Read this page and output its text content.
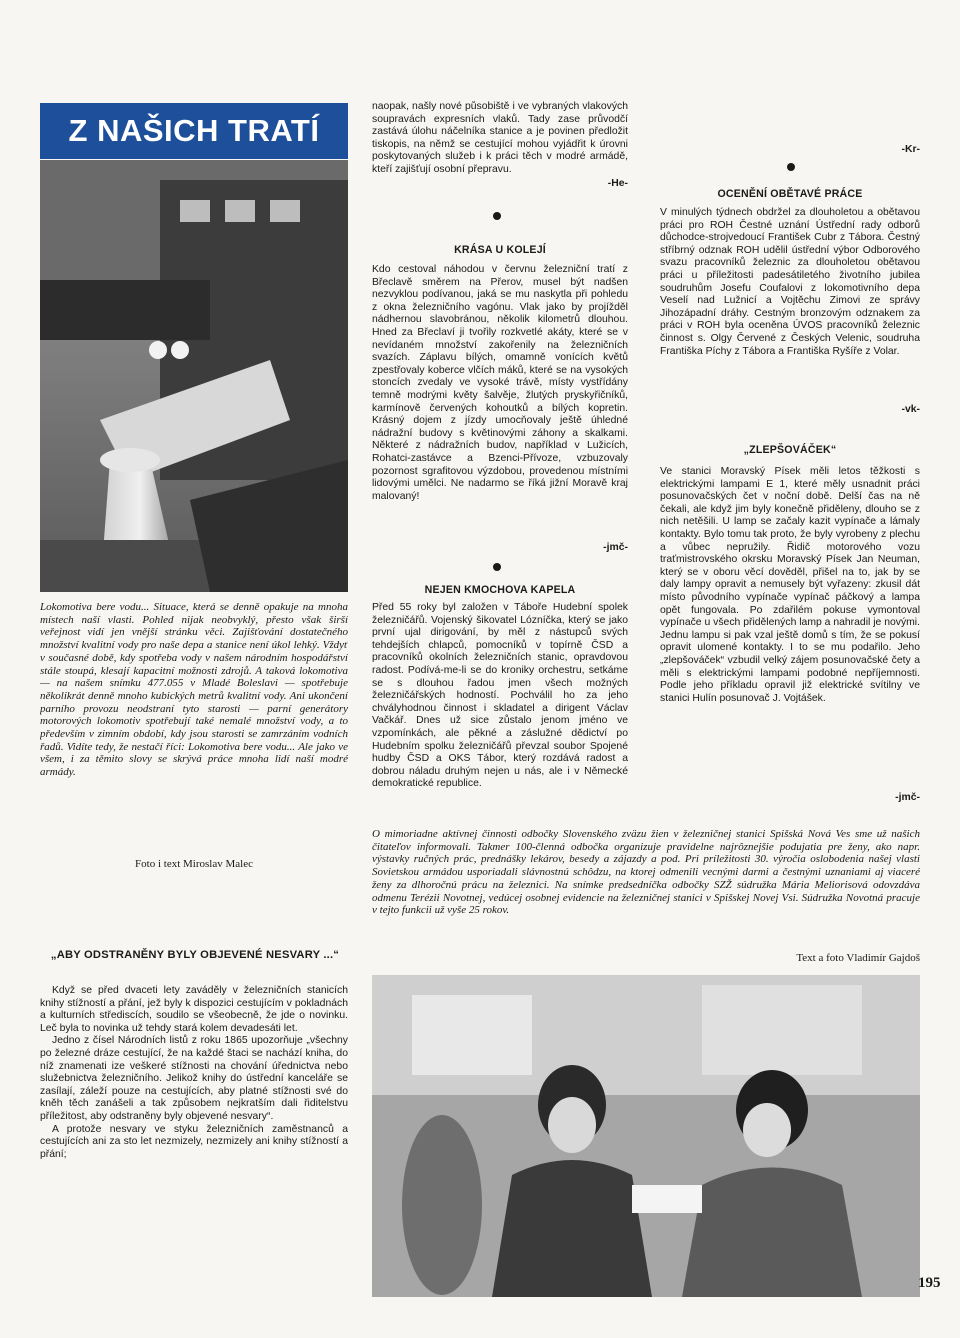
Z NAŠICH TRATÍ
Lokomotiva bere vodu... Situace, která se denně opakuje na mnoha místech naší vlasti. Pohled nijak neobvyklý, přesto však širší veřejnost vidí jen vnější stránku věci. Zajišťování dostatečného množství kvalitní vody pro naše depa a stanice není úkol lehký. Vždyť v současné době, kdy spotřeba vody v našem národním hospodářství stále stoupá, klesají kapacitní možnosti zdrojů. A taková lokomotiva — na našem snímku 477.055 v Mladé Boleslavi — spotřebuje několikrát denně mnoho kubických metrů kvalitní vody. Ani ukončení parního provozu neodstraní tyto starosti — parní generátory motorových lokomotiv spotřebují také nemalé množství vody, a to především v zimním období, kdy jsou starosti se zamrzáním vodních řadů. Vidíte tedy, že nestačí říci: Lokomotiva bere vodu... Ale jako ve všem, i za těmito slovy se skrývá práce mnoha lidí naší modré armády.
Foto i text Miroslav Malec
„ABY ODSTRANĚNY BYLY OBJEVENÉ NESVARY ...“

Když se před dvaceti lety zaváděly v železničních stanicích knihy stížností a přání, jež byly k dispozici cestujícím v pokladnách a kulturních střediscích, soudilo se všeobecně, že jde o novinku. Leč byla to novinka už tehdy stará kolem devadesáti let.

Jedno z čísel Národních listů z roku 1865 upozorňuje „všechny po železné dráze cestující, že na každé štaci se nachází kniha, do níž znamenati ize veškeré stížnosti na chování úřednictva nebo služebnictva železničního. Jelikož knihy do ústřední kanceláře se zasílají, záleží pouze na cestujících, aby platné stížnosti své do kněh těch zanášeli a tak způsobem nejkratším dali řiditelstvu příležitost, aby odstraněny byly objevené nesvary“.

A protože nesvary ve styku železničních zaměstnanců a cestujících ani za sto let nezmizely, nezmizely ani knihy stížností a přání;

naopak, našly nové působiště i ve vybraných vlakových soupravách expresních vlaků. Tady zase průvodčí zastává úlohu náčelníka stanice a je povinen předložit tiskopis, na němž se cestující mohou vyjádřit k úrovni poskytovaných služeb i k práci těch v modré armádě, kteří zajišťují osobní přepravu.
-He-
KRÁSA U KOLEJÍ
Kdo cestoval náhodou v červnu železniční tratí z Břeclavě směrem na Přerov, musel být nadšen nezvyklou podívanou, jaká se mu naskytla při pohledu z okna železničního vagónu. Vlak jako by projížděl nádhernou slavobránou, několik kilometrů dlouhou. Hned za Břeclaví ji tvořily rozkvetlé akáty, které se v nevídaném množství zakořenily na železničních svazích. Záplavu bílých, omamně vonících květů zpestřovaly koberce vlčích máků, které se na vysokých stoncích zvedaly ve vysoké trávě, místy vystřídány temně modrými květy šalvěje, žlutých pryskyřičníků, karmínově červených kohoutků a bílých kopretin. Krásný dojem z jízdy umocňovaly ještě úhledné nádražní budovy s květinovými záhony a skalkami. Některé z nádražních budov, například v Lužicích, Rohatci-zastávce a Bzenci-Přívoze, vzbuzovaly pozornost sgrafitovou výzdobou, provedenou místními lidovými umělci. Ne nadarmo se říká jižní Moravě kraj malovaný!
-jmč-
NEJEN KMOCHOVA KAPELA
Před 55 roky byl založen v Táboře Hudební spolek železničářů. Vojenský šikovatel Lózníčka, který se jako první ujal dirigování, by měl z nástupců svých tehdejších chlapců, pomocníků v topírně ČSD a pracovníků okolních železničních stanic, opravdovou radost. Podívá-me-li se do kroniky orchestru, setkáme se s dlouhou řadou jmen všech možných železničářských hodností. Pochválil ho za jeho chvályhodnou činnost i skladatel a dirigent Václav Vačkář. Dnes už sice zůstalo jenom jméno ve vzpomínkách, ale pěkné a záslužné dědictví po Hudebním spolku železničářů převzal soubor Spojené hudby ČSD a OKS Tábor, který rozdává radost a dobrou náladu druhým nejen u nás, ale i v Německé demokratické republice.
-Kr-
OCENĚNÍ OBĚTAVÉ PRÁCE
V minulých týdnech obdržel za dlouholetou a obětavou práci pro ROH Čestné uznání Ústřední rady odborů důchodce-strojvedoucí František Cubr z Tábora. Čestný stříbrný odznak ROH udělil ústřední výbor Odborového svazu pracovníků železnic za dlouholetou obětavou práci u příležitosti padesátiletého životního jubilea soudruhům Josefu Coufalovi z lokomotivního depa Veselí nad Lužnicí a Vojtěchu Zimovi ze správy Jihozápadní dráhy. Cestným bronzovým odznakem za práci v ROH byla oceněna ÚVOS pracovníků železnic činnost s. Olgy Červené z Českých Velenic, soudruha Františka Píchy z Tábora a Františka Ryšíře z Volar.
-vk-
„ZLEPŠOVÁČEK“
Ve stanici Moravský Písek měli letos těžkosti s elektrickými lampami E 1, které měly usnadnit práci posunovačských čet v noční době. Delší čas na ně čekali, ale když jim byly konečně přiděleny, dlouho se z nich netěšili. U lamp se začaly kazit vypínače a lámaly kontakty. Bylo tomu tak proto, že byly vyrobeny z plechu a vůbec nepružily. Řidič motorového vozu traťmistrovského okrsku Moravský Písek Jan Neuman, který se v oboru věcí dověděl, přišel na to, jak by se daly lampy opravit a nemusely být vyřazeny: zkusil dát místo původního vypínače vypínač páčkový a lampa opět fungovala. Po zdařilém pokuse vymontoval vypínače u všech přidělených lamp a nahradil je novými. Jednu lampu si pak vzal ještě domů s tím, že se pokusí opravit ulomené kontakty. I to se mu podařilo. Jeho „zlepšováček“ vzbudil velký zájem posunovačské čety a měli s elektrickými lampami podobné nepříjemnosti. Podle jeho příkladu opravil již elektrické svítilny ve stanici Hulín posunovač J. Vojtášek.
-jmč-
O mimoriadne aktívnej činnosti odbočky Slovenského zväzu žien v železničnej stanici Spišská Nová Ves sme už našich čitateľov informovali. Takmer 100-členná odbočka organizuje pravidelne najrôznejšie podujatia pre ženy, ako napr. výstavky ručných prác, prednášky lekárov, besedy a zájazdy a pod. Pri príležitosti 30. výročia oslobodenia našej vlasti Sovietskou armádou usporiadali slávnostnú schôdzu, na ktorej odmenili vecnými darmi a čestnými uznaniami aj viaceré ženy za dlhoročnú prácu na železnici. Na snímke predsedníčka odbočky SZŽ súdružka Mária Meliorisová odovzdáva odmenu Terézii Novotnej, vedúcej osobnej evidencie na železničnej stanici v Spišskej Novej Vsi. Súdružka Novotná pracuje v tejto funkcii už vyše 25 rokov.
Text a foto Vladimír Gajdoš
195
